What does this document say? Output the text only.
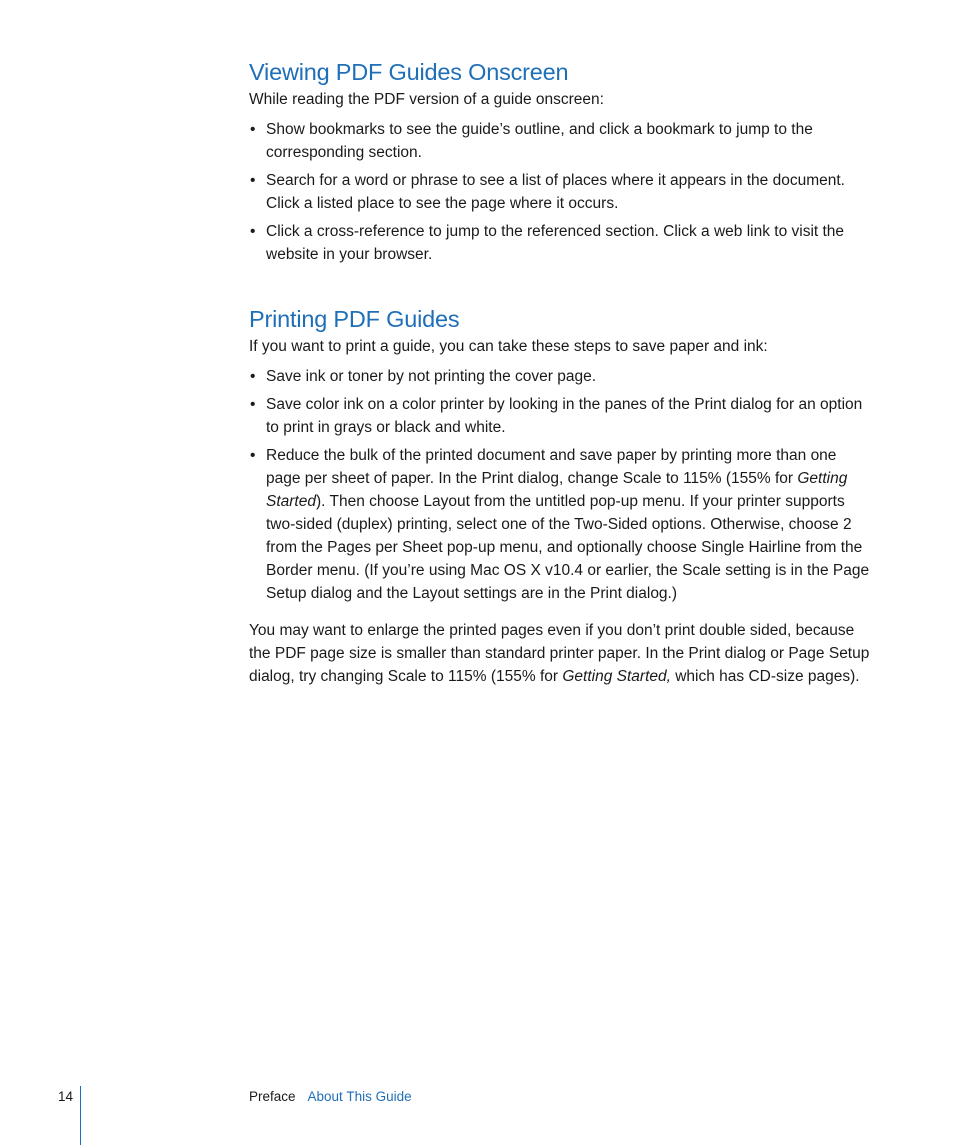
Viewing PDF Guides Onscreen

While reading the PDF version of a guide onscreen:

• Show bookmarks to see the guide’s outline, and click a bookmark to jump to the corresponding section.
• Search for a word or phrase to see a list of places where it appears in the document. Click a listed place to see the page where it occurs.
• Click a cross-reference to jump to the referenced section. Click a web link to visit the website in your browser.
Printing PDF Guides

If you want to print a guide, you can take these steps to save paper and ink:

• Save ink or toner by not printing the cover page.
• Save color ink on a color printer by looking in the panes of the Print dialog for an option to print in grays or black and white.
• Reduce the bulk of the printed document and save paper by printing more than one page per sheet of paper. In the Print dialog, change Scale to 115% (155% for Getting Started). Then choose Layout from the untitled pop-up menu. If your printer supports two-sided (duplex) printing, select one of the Two-Sided options. Otherwise, choose 2 from the Pages per Sheet pop-up menu, and optionally choose Single Hairline from the Border menu. (If you’re using Mac OS X v10.4 or earlier, the Scale setting is in the Page Setup dialog and the Layout settings are in the Print dialog.)

You may want to enlarge the printed pages even if you don’t print double sided, because the PDF page size is smaller than standard printer paper. In the Print dialog or Page Setup dialog, try changing Scale to 115% (155% for Getting Started, which has CD-size pages).

14	Preface About This Guide
